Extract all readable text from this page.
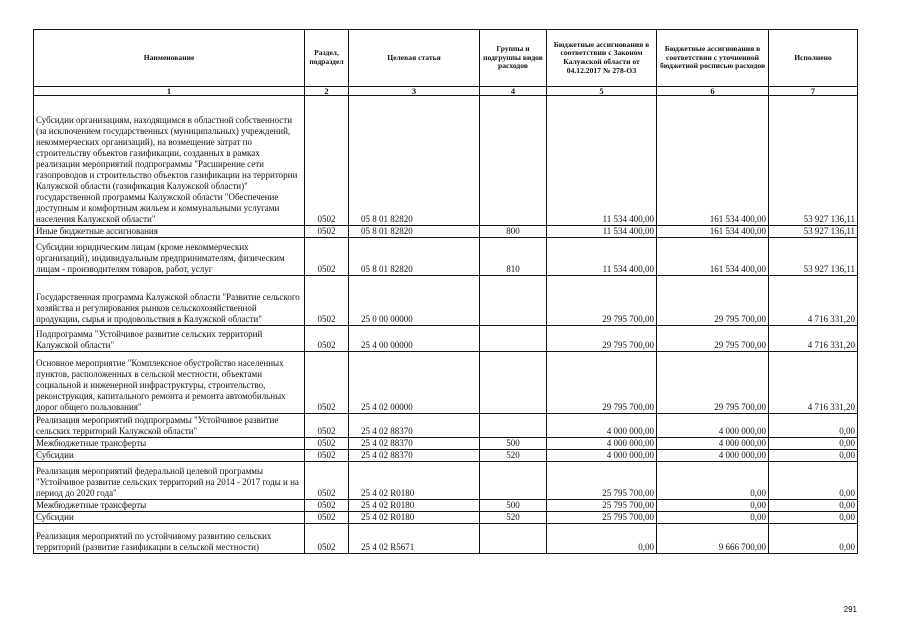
Наименование	Раздел, подраздел	Целевая статья	Группы и подгруппы видов расходов	Бюджетные ассигнования в соответствии с Законом Калужской области от 04.12.2017 № 278-ОЗ	Бюджетные ассигнования в соответствии с уточненной бюджетной росписью расходов	Исполнено
1	2	3	4	5	6	7
Субсидии организациям, находящимся в областной собственности (за исключением государственных (муниципальных) учреждений, некоммерческих организаций), на возмещение затрат по строительству объектов газификации, созданных в рамках реализации мероприятий подпрограммы "Расширение сети газопроводов и строительство объектов газификации на территории Калужской области (газификация Калужской области)" государственной программы Калужской области "Обеспечение доступным и комфортным жильем и коммунальными услугами населения Калужской области"	0502	05 8 01 82820		11 534 400,00	161 534 400,00	53 927 136,11
Иные бюджетные ассигнования	0502	05 8 01 82820	800	11 534 400,00	161 534 400,00	53 927 136,11
Субсидии юридическим лицам (кроме некоммерческих организаций), индивидуальным предпринимателям, физическим лицам - производителям товаров, работ, услуг	0502	05 8 01 82820	810	11 534 400,00	161 534 400,00	53 927 136,11
Государственная программа Калужской области "Развитие сельского хозяйства и регулирования рынков сельскохозяйственной продукции, сырья и продовольствия в Калужской области"	0502	25 0 00 00000		29 795 700,00	29 795 700,00	4 716 331,20
Подпрограмма "Устойчивое развитие сельских территорий Калужской области"	0502	25 4 00 00000		29 795 700,00	29 795 700,00	4 716 331,20
Основное мероприятие "Комплексное обустройство населенных пунктов, расположенных в сельской местности, объектами социальной и инженерной инфраструктуры, строительство, реконструкция, капитального ремонта и ремонта автомобильных дорог общего пользования"	0502	25 4 02 00000		29 795 700,00	29 795 700,00	4 716 331,20
Реализация мероприятий подпрограммы "Устойчивое развитие сельских территорий Калужской области"	0502	25 4 02 88370		4 000 000,00	4 000 000,00	0,00
Межбюджетные трансферты	0502	25 4 02 88370	500	4 000 000,00	4 000 000,00	0,00
Субсидии	0502	25 4 02 88370	520	4 000 000,00	4 000 000,00	0,00
Реализация мероприятий федеральной целевой программы "Устойчивое развитие сельских территорий на 2014 - 2017 годы и на период до 2020 года"	0502	25 4 02 R0180		25 795 700,00	0,00	0,00
Межбюджетные трансферты	0502	25 4 02 R0180	500	25 795 700,00	0,00	0,00
Субсидии	0502	25 4 02 R0180	520	25 795 700,00	0,00	0,00
Реализация мероприятий по устойчивому развитию сельских территорий (развитие газификации в сельской местности)	0502	25 4 02 R5671		0,00	9 666 700,00	0,00
291
